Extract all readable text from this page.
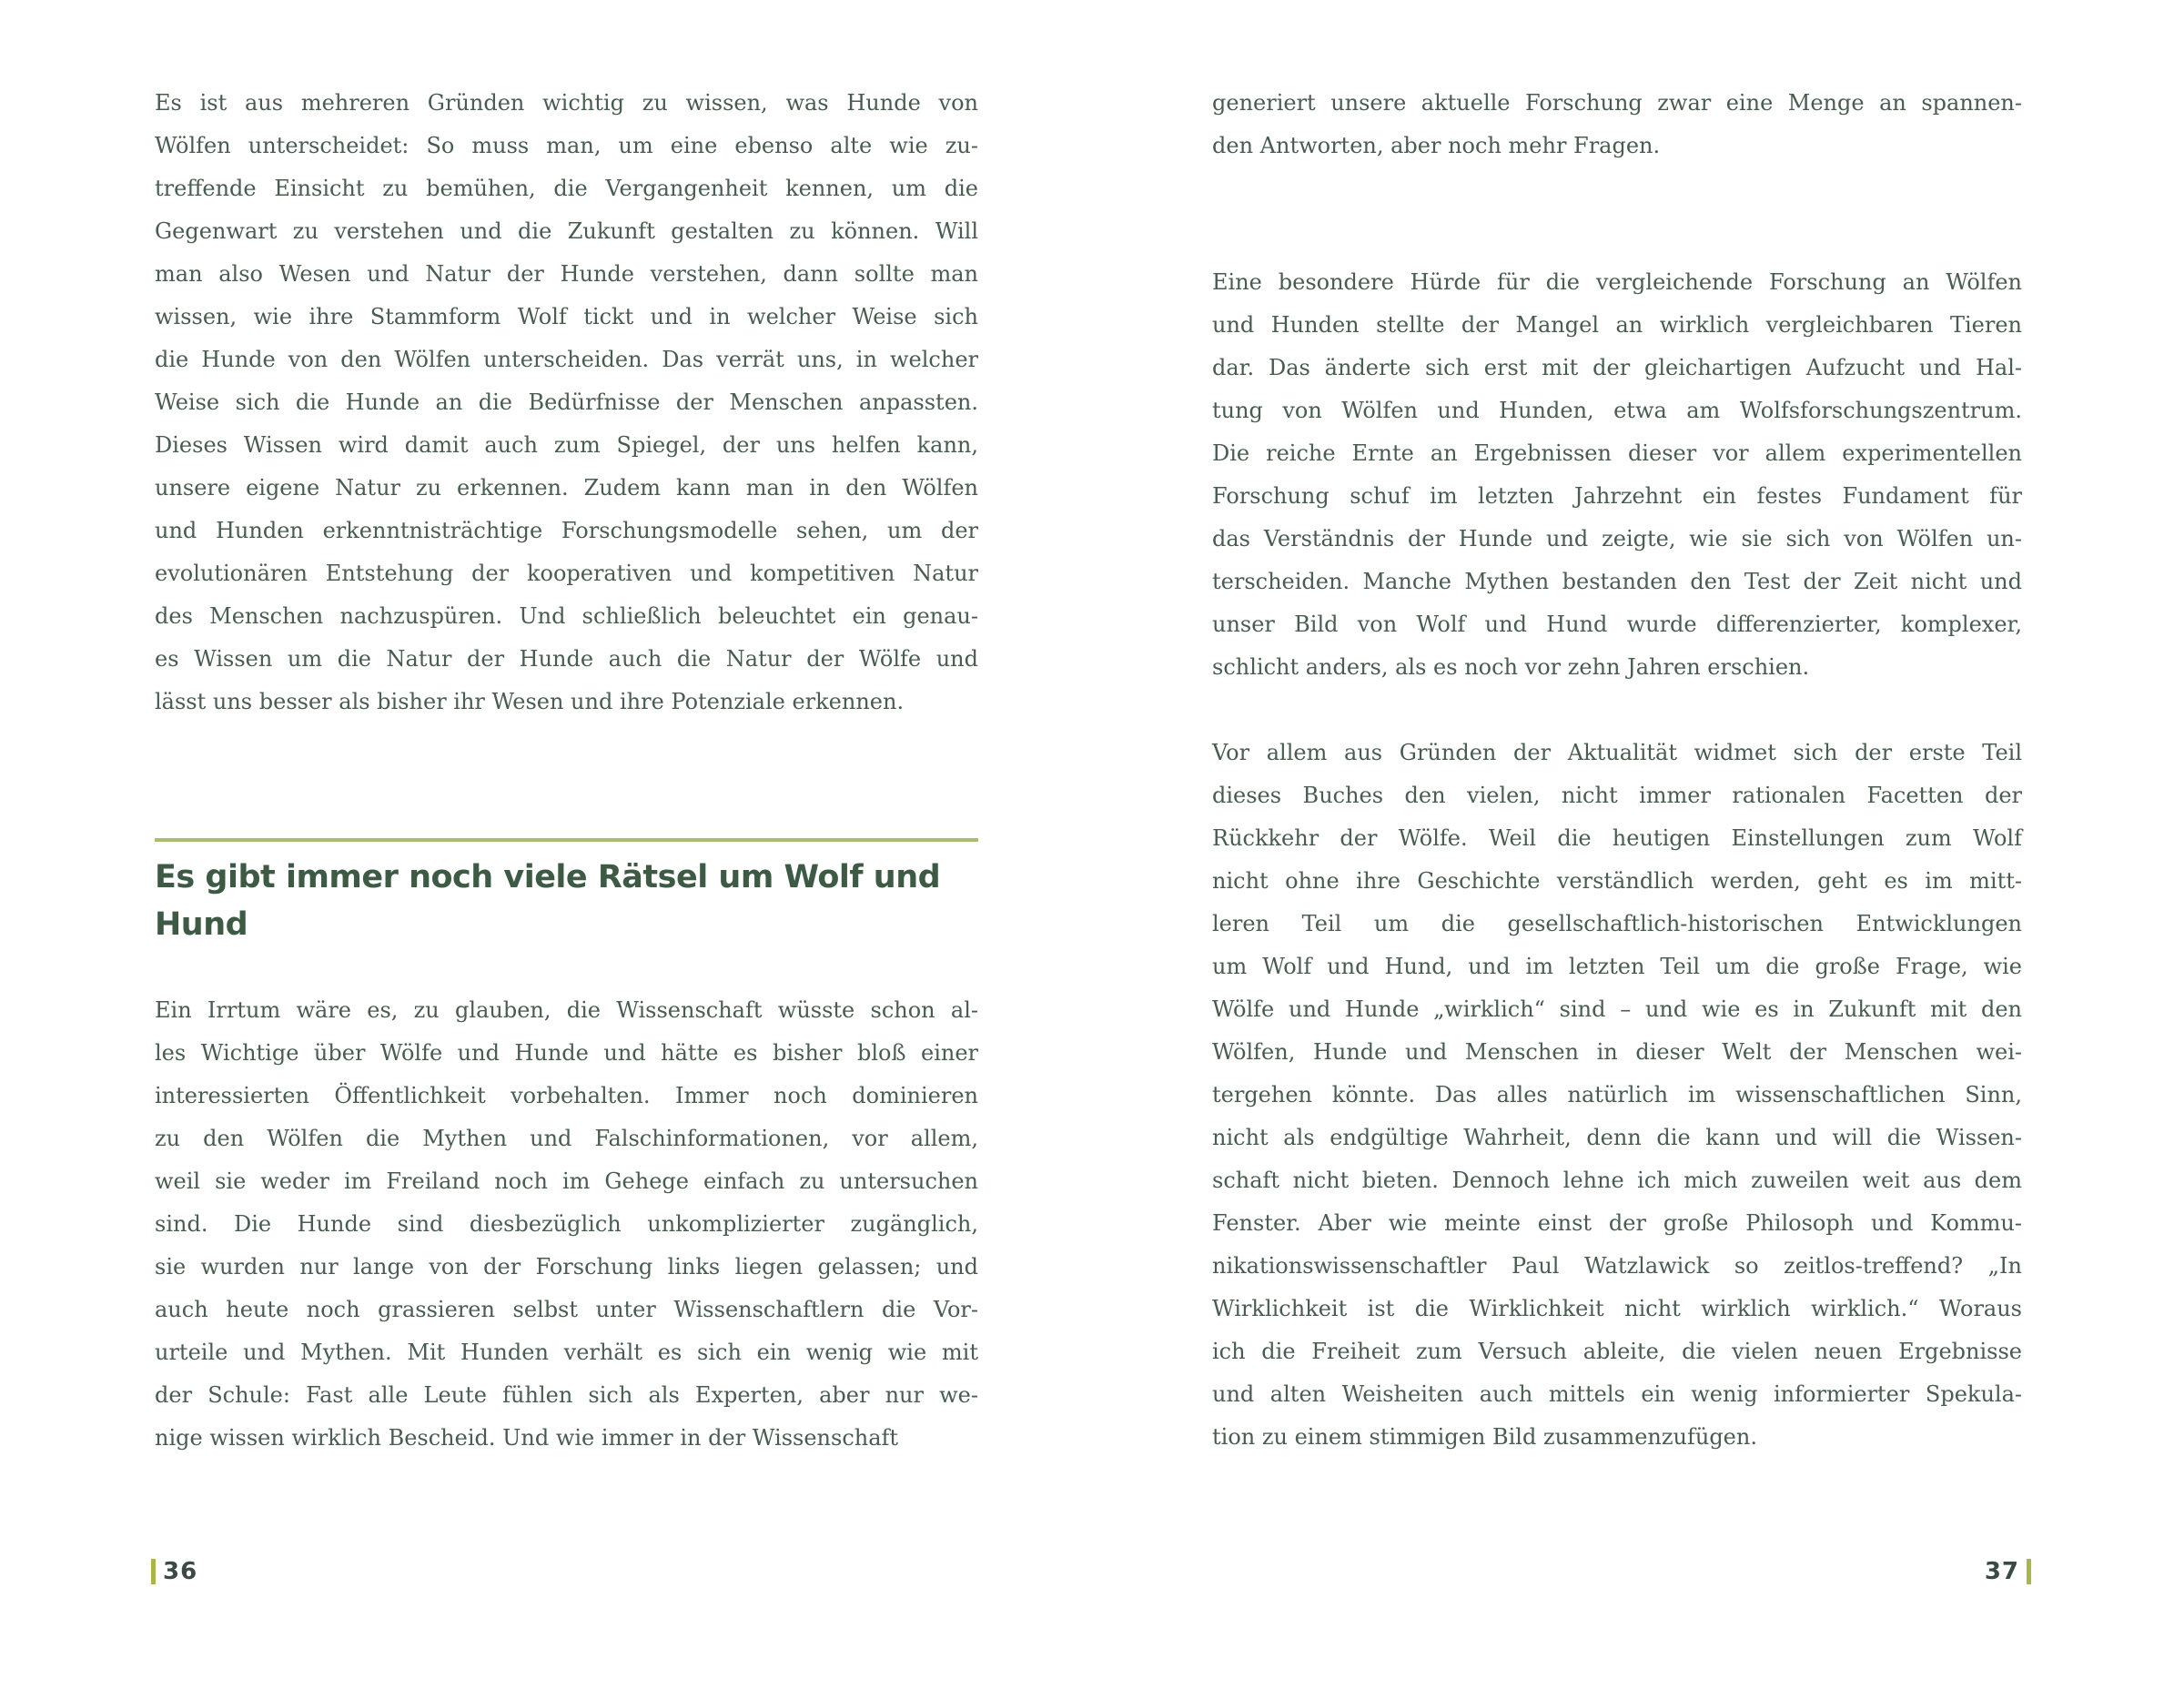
Es ist aus mehreren Gründen wichtig zu wissen, was Hunde von
Wölfen unterscheidet: So muss man, um eine ebenso alte wie zu-
treffende Einsicht zu bemühen, die Vergangenheit kennen, um die
Gegenwart zu verstehen und die Zukunft gestalten zu können. Will
man also Wesen und Natur der Hunde verstehen, dann sollte man
wissen, wie ihre Stammform Wolf tickt und in welcher Weise sich
die Hunde von den Wölfen unterscheiden. Das verrät uns, in welcher
Weise sich die Hunde an die Bedürfnisse der Menschen anpassten.
Dieses Wissen wird damit auch zum Spiegel, der uns helfen kann,
unsere eigene Natur zu erkennen. Zudem kann man in den Wölfen
und Hunden erkenntnisträchtige Forschungsmodelle sehen, um der
evolutionären Entstehung der kooperativen und kompetitiven Natur
des Menschen nachzuspüren. Und schließlich beleuchtet ein genau-
es Wissen um die Natur der Hunde auch die Natur der Wölfe und
lässt uns besser als bisher ihr Wesen und ihre Potenziale erkennen.
Es gibt immer noch viele Rätsel um Wolf und
Hund
Ein Irrtum wäre es, zu glauben, die Wissenschaft wüsste schon al-
les Wichtige über Wölfe und Hunde und hätte es bisher bloß einer
interessierten Öffentlichkeit vorbehalten. Immer noch dominieren
zu den Wölfen die Mythen und Falschinformationen, vor allem,
weil sie weder im Freiland noch im Gehege einfach zu untersuchen
sind. Die Hunde sind diesbezüglich unkomplizierter zugänglich,
sie wurden nur lange von der Forschung links liegen gelassen; und
auch heute noch grassieren selbst unter Wissenschaftlern die Vor-
urteile und Mythen. Mit Hunden verhält es sich ein wenig wie mit
der Schule: Fast alle Leute fühlen sich als Experten, aber nur we-
nige wissen wirklich Bescheid. Und wie immer in der Wissenschaft
36
generiert unsere aktuelle Forschung zwar eine Menge an spannen-
den Antworten, aber noch mehr Fragen.
Eine besondere Hürde für die vergleichende Forschung an Wölfen
und Hunden stellte der Mangel an wirklich vergleichbaren Tieren
dar. Das änderte sich erst mit der gleichartigen Aufzucht und Hal-
tung von Wölfen und Hunden, etwa am Wolfsforschungszentrum.
Die reiche Ernte an Ergebnissen dieser vor allem experimentellen
Forschung schuf im letzten Jahrzehnt ein festes Fundament für
das Verständnis der Hunde und zeigte, wie sie sich von Wölfen un-
terscheiden. Manche Mythen bestanden den Test der Zeit nicht und
unser Bild von Wolf und Hund wurde differenzierter, komplexer,
schlicht anders, als es noch vor zehn Jahren erschien.
Vor allem aus Gründen der Aktualität widmet sich der erste Teil
dieses Buches den vielen, nicht immer rationalen Facetten der
Rückkehr der Wölfe. Weil die heutigen Einstellungen zum Wolf
nicht ohne ihre Geschichte verständlich werden, geht es im mitt-
leren Teil um die gesellschaftlich-historischen Entwicklungen
um Wolf und Hund, und im letzten Teil um die große Frage, wie
Wölfe und Hunde „wirklich“ sind – und wie es in Zukunft mit den
Wölfen, Hunde und Menschen in dieser Welt der Menschen wei-
tergehen könnte. Das alles natürlich im wissenschaftlichen Sinn,
nicht als endgültige Wahrheit, denn die kann und will die Wissen-
schaft nicht bieten. Dennoch lehne ich mich zuweilen weit aus dem
Fenster. Aber wie meinte einst der große Philosoph und Kommu-
nikationswissenschaftler Paul Watzlawick so zeitlos-treffend? „In
Wirklichkeit ist die Wirklichkeit nicht wirklich wirklich.“ Woraus
ich die Freiheit zum Versuch ableite, die vielen neuen Ergebnisse
und alten Weisheiten auch mittels ein wenig informierter Spekula-
tion zu einem stimmigen Bild zusammenzufügen.
37
